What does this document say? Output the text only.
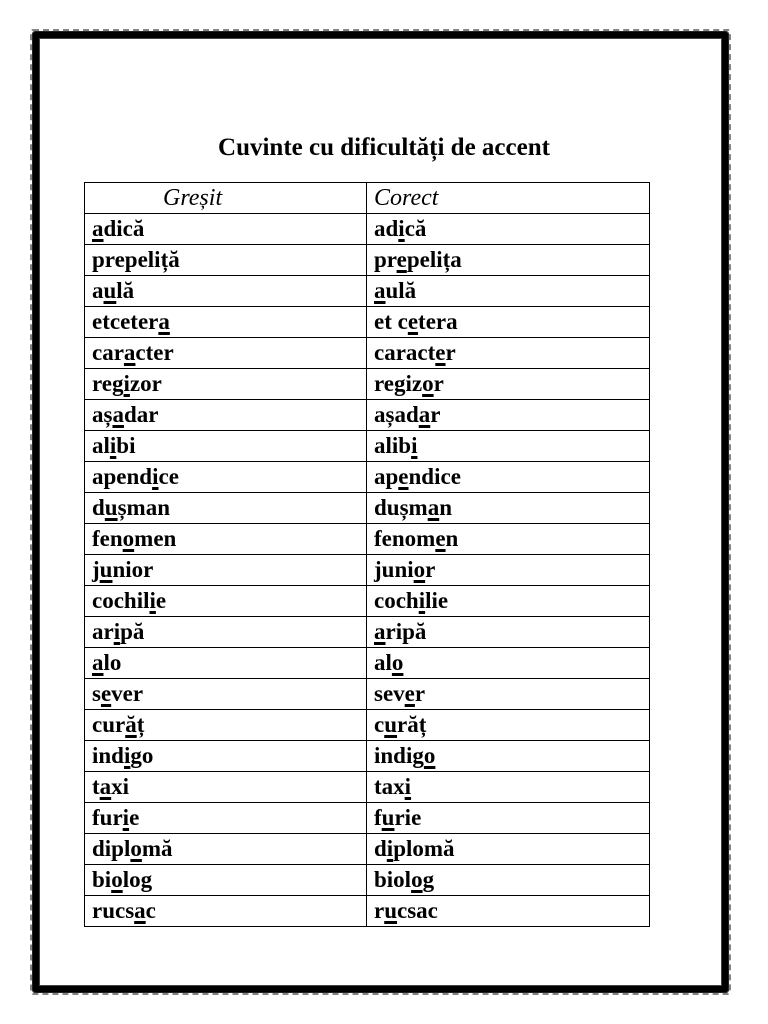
Cuvinte cu dificultăți de accent
Greșit	Corect
adică	adică
prepeliță	prepelița
aulă	aulă
etcetera	et cetera
caracter	caracter
regizor	regizor
așadar	așadar
alibi	alibi
apendice	apendice
dușman	dușman
fenomen	fenomen
junior	junior
cochilie	cochilie
aripă	aripă
alo	alo
sever	sever
curăț	curăț
indigo	indigo
taxi	taxi
furie	furie
diplomă	diplomă
biolog	biolog
rucsac	rucsac
